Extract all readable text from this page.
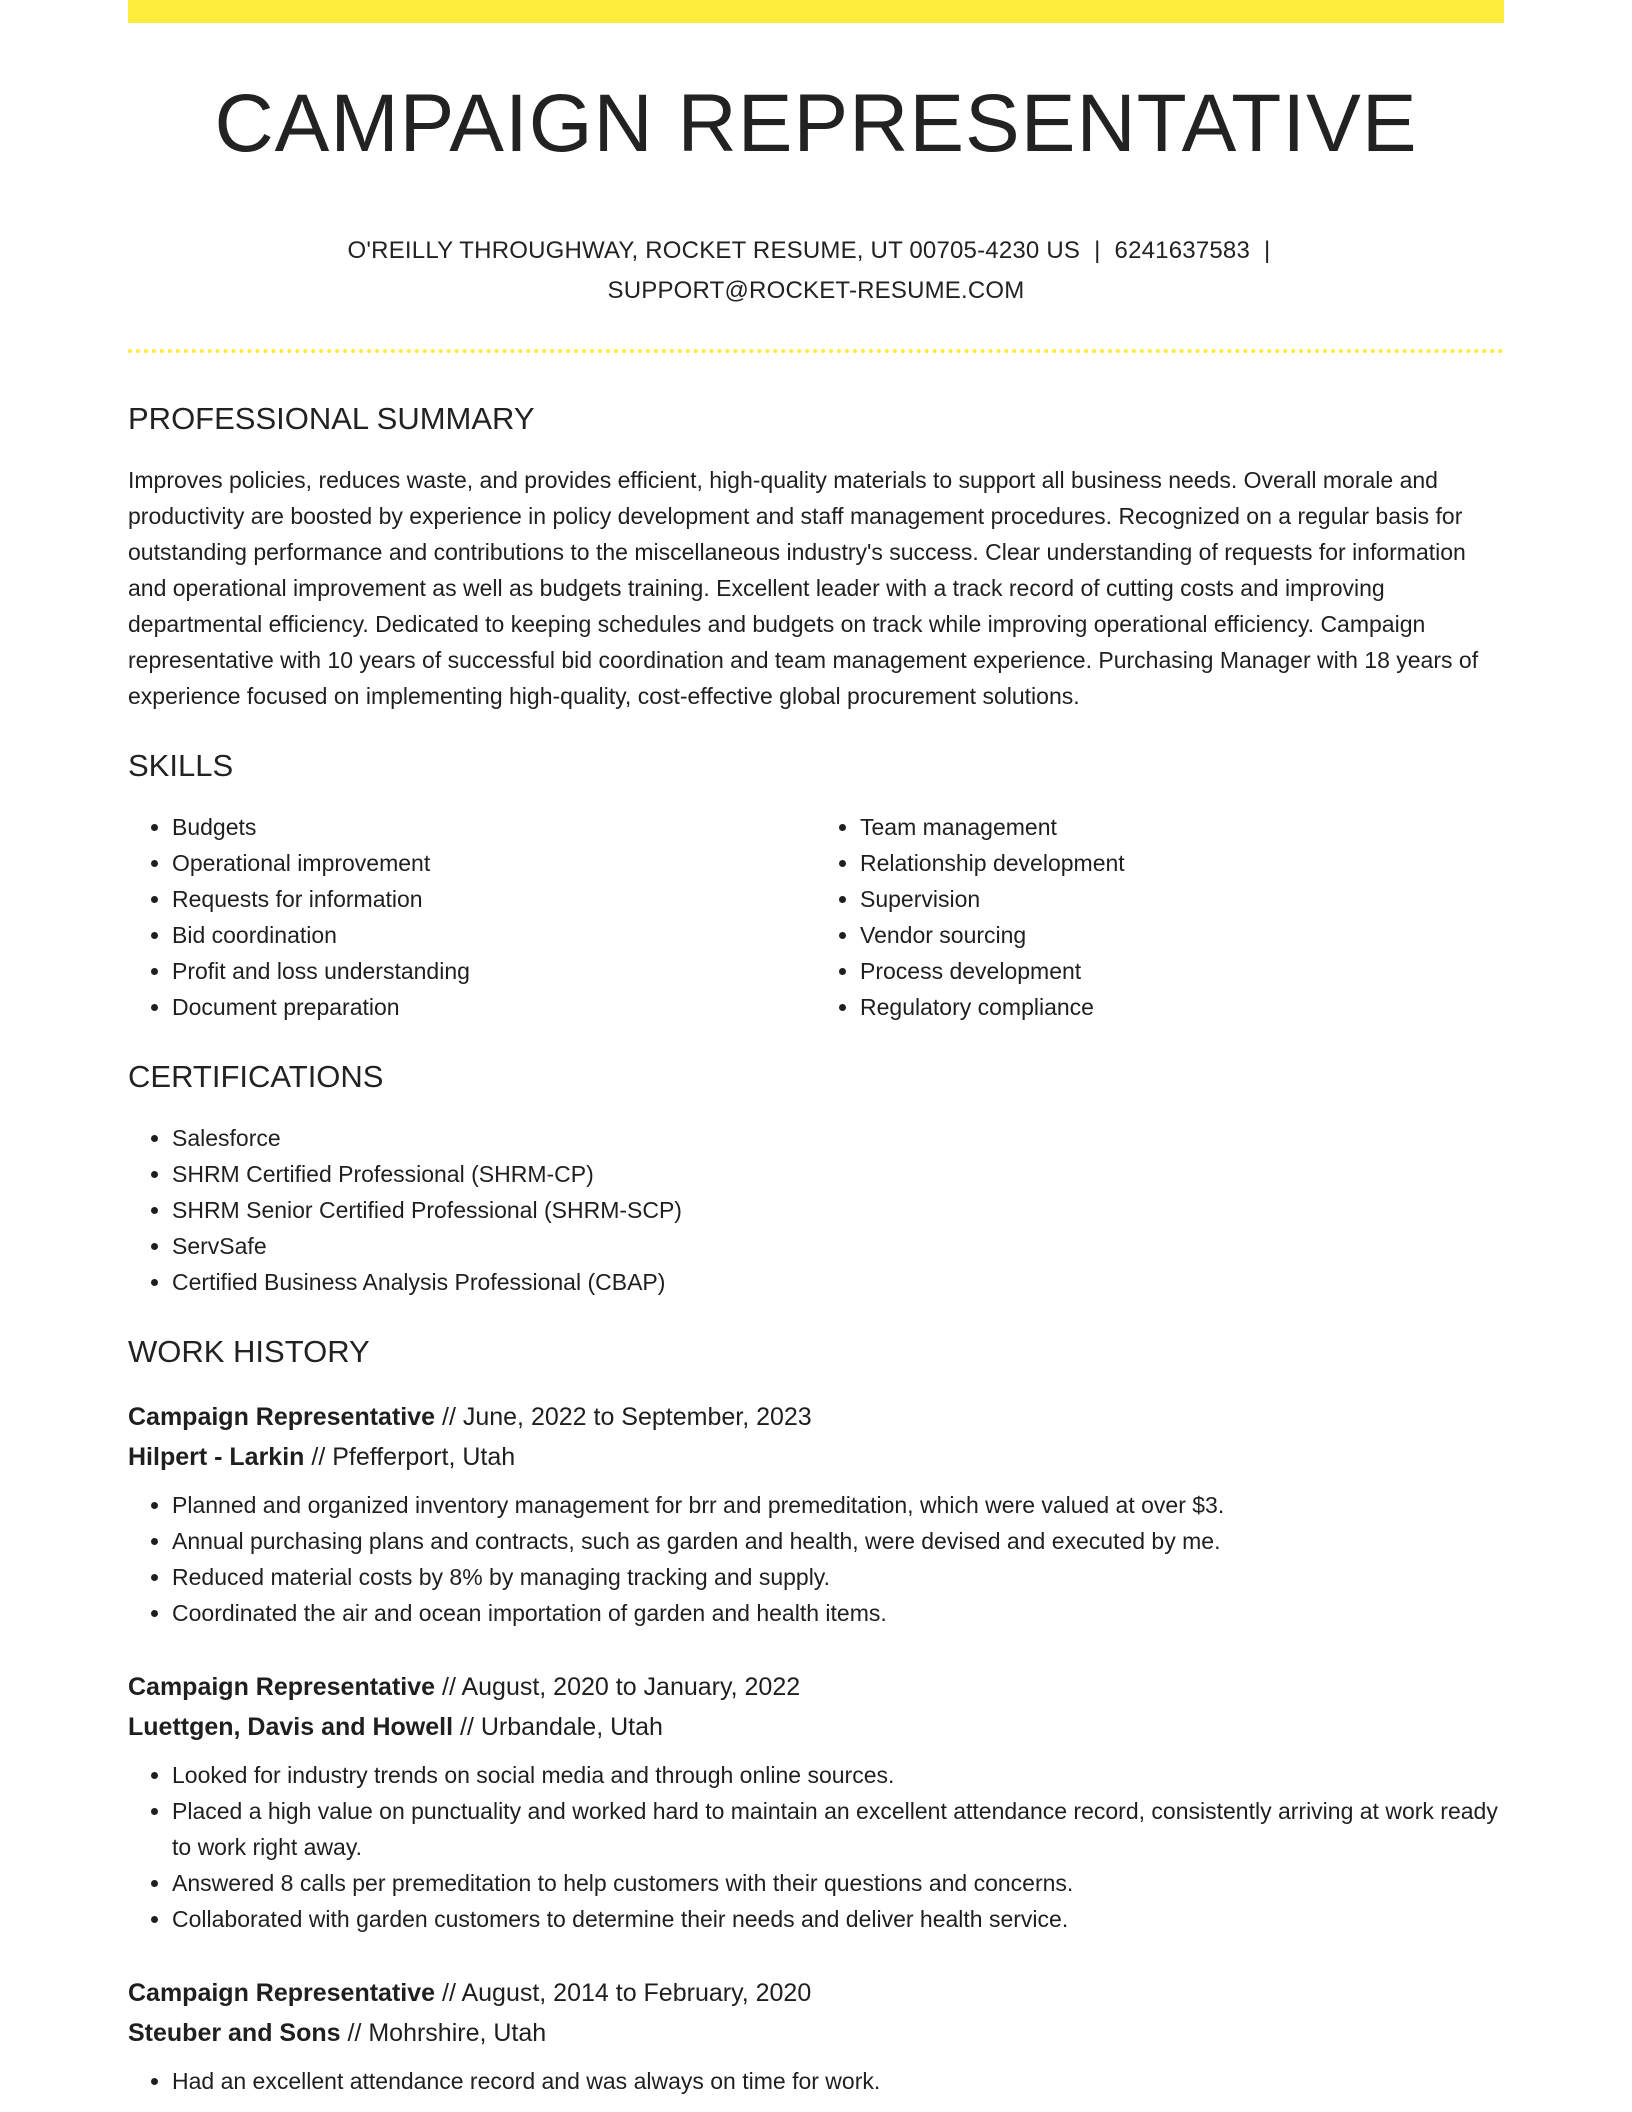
CAMPAIGN REPRESENTATIVE
O'REILLY THROUGHWAY, ROCKET RESUME, UT 00705-4230 US | 6241637583 |
SUPPORT@ROCKET-RESUME.COM
PROFESSIONAL SUMMARY

Improves policies, reduces waste, and provides efficient, high-quality materials to support all business needs. Overall morale and productivity are boosted by experience in policy development and staff management procedures. Recognized on a regular basis for outstanding performance and contributions to the miscellaneous industry's success. Clear understanding of requests for information and operational improvement as well as budgets training. Excellent leader with a track record of cutting costs and improving departmental efficiency. Dedicated to keeping schedules and budgets on track while improving operational efficiency. Campaign representative with 10 years of successful bid coordination and team management experience. Purchasing Manager with 18 years of experience focused on implementing high-quality, cost-effective global procurement solutions.

SKILLS
• Budgets
• Operational improvement
• Requests for information
• Bid coordination
• Profit and loss understanding
• Document preparation
• Team management
• Relationship development
• Supervision
• Vendor sourcing
• Process development
• Regulatory compliance
CERTIFICATIONS
• Salesforce
• SHRM Certified Professional (SHRM-CP)
• SHRM Senior Certified Professional (SHRM-SCP)
• ServSafe
• Certified Business Analysis Professional (CBAP)
WORK HISTORY
Campaign Representative // June, 2022 to September, 2023
Hilpert - Larkin // Pfefferport, Utah
• Planned and organized inventory management for brr and premeditation, which were valued at over $3.
• Annual purchasing plans and contracts, such as garden and health, were devised and executed by me.
• Reduced material costs by 8% by managing tracking and supply.
• Coordinated the air and ocean importation of garden and health items.
Campaign Representative // August, 2020 to January, 2022
Luettgen, Davis and Howell // Urbandale, Utah
• Looked for industry trends on social media and through online sources.
• Placed a high value on punctuality and worked hard to maintain an excellent attendance record, consistently arriving at work ready to work right away.
• Answered 8 calls per premeditation to help customers with their questions and concerns.
• Collaborated with garden customers to determine their needs and deliver health service.
Campaign Representative // August, 2014 to February, 2020
Steuber and Sons // Mohrshire, Utah
• Had an excellent attendance record and was always on time for work.
